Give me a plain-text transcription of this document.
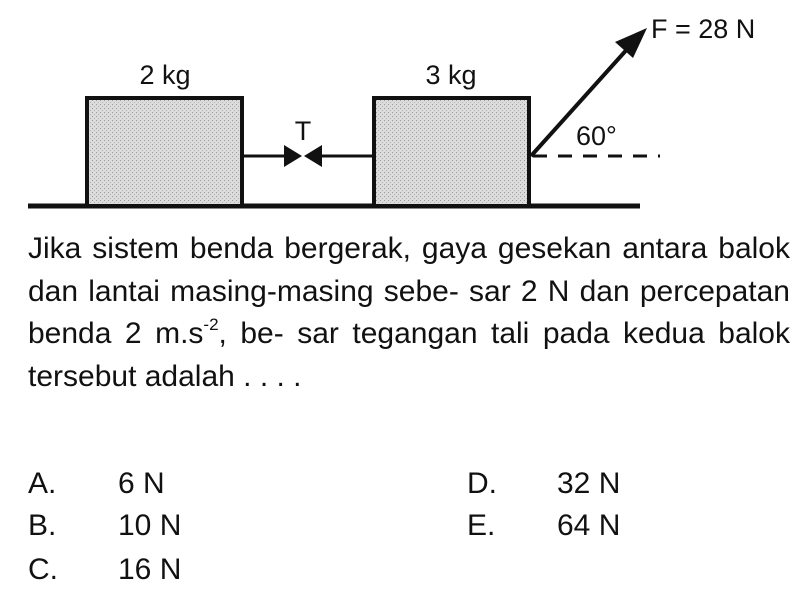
2 kg	3 kg
T
F = 28 N
60°
Jika sistem benda bergerak, gaya gesekan antara balok dan lantai masing-masing sebe- sar 2 N dan percepatan benda 2 $m.s^{-2}$, be- sar tegangan tali pada kedua balok tersebut adalah . . . .
A. 6 N
B. 10 N
C. 16 N
D. 32 N
E. 64 N
